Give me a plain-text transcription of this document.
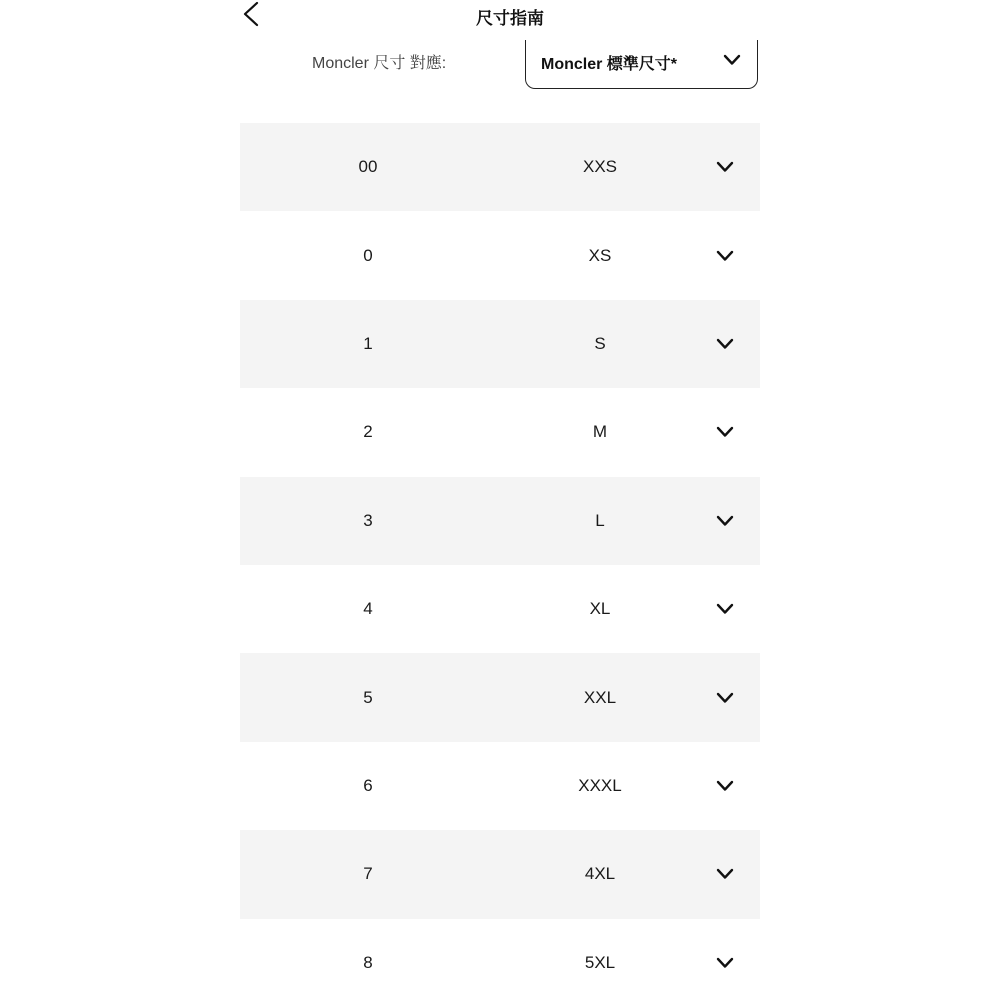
尺寸指南
Moncler 尺寸 對應:	Moncler 標準尺寸*
00	XXS
0	XS
1	S
2	M
3	L
4	XL
5	XXL
6	XXXL
7	4XL
8	5XL
